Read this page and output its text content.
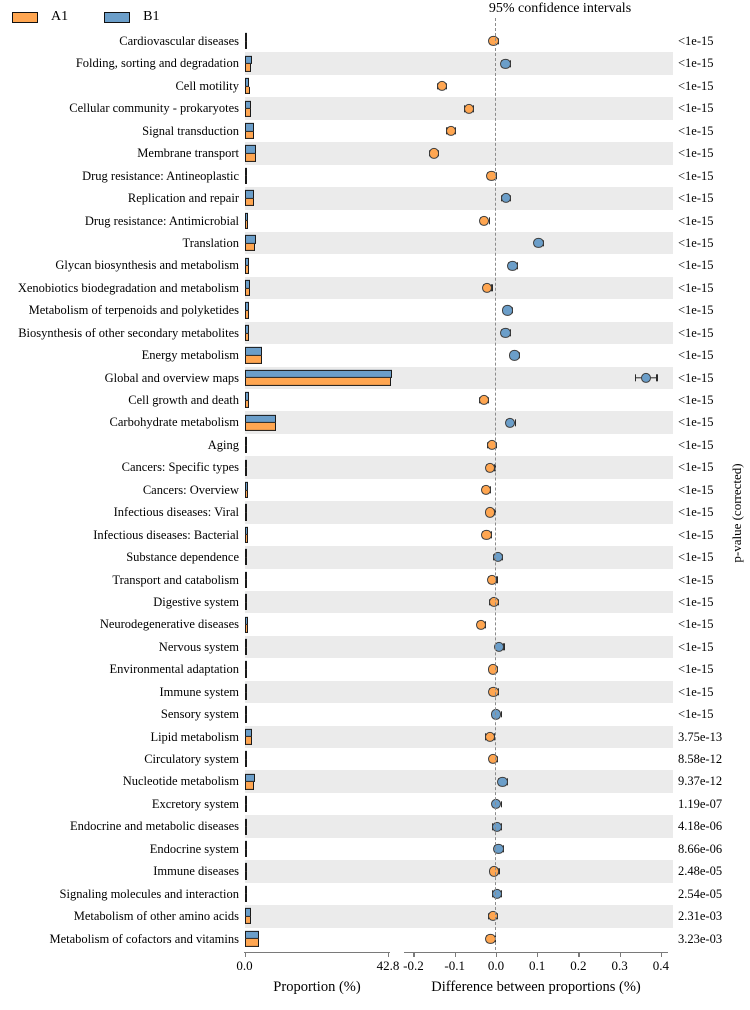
A1	B1
95% confidence intervals
Cardiovascular diseases	<1e-15
Folding, sorting and degradation	<1e-15
Cell motility	<1e-15
Cellular community - prokaryotes	<1e-15
Signal transduction	<1e-15
Membrane transport	<1e-15
Drug resistance: Antineoplastic	<1e-15
Replication and repair	<1e-15
Drug resistance: Antimicrobial	<1e-15
Translation	<1e-15
Glycan biosynthesis and metabolism	<1e-15
Xenobiotics biodegradation and metabolism	<1e-15
Metabolism of terpenoids and polyketides	<1e-15
Biosynthesis of other secondary metabolites	<1e-15
Energy metabolism	<1e-15
Global and overview maps	<1e-15
Cell growth and death	<1e-15
Carbohydrate metabolism	<1e-15
Aging	<1e-15
Cancers: Specific types	<1e-15
Cancers: Overview	<1e-15
Infectious diseases: Viral	<1e-15
Infectious diseases: Bacterial	<1e-15
Substance dependence	<1e-15
Transport and catabolism	<1e-15
Digestive system	<1e-15
Neurodegenerative diseases	<1e-15
Nervous system	<1e-15
Environmental adaptation	<1e-15
Immune system	<1e-15
Sensory system	<1e-15
Lipid metabolism	3.75e-13
Circulatory system	8.58e-12
Nucleotide metabolism	9.37e-12
Excretory system	1.19e-07
Endocrine and metabolic diseases	4.18e-06
Endocrine system	8.66e-06
Immune diseases	2.48e-05
Signaling molecules and interaction	2.54e-05
Metabolism of other amino acids	2.31e-03
Metabolism of cofactors and vitamins	3.23e-03
0.0	42.8 -0.2	-0.1	0.0	0.1	0.2	0.3	0.4
Proportion (%)	Difference between proportions (%)
p-value (corrected)
